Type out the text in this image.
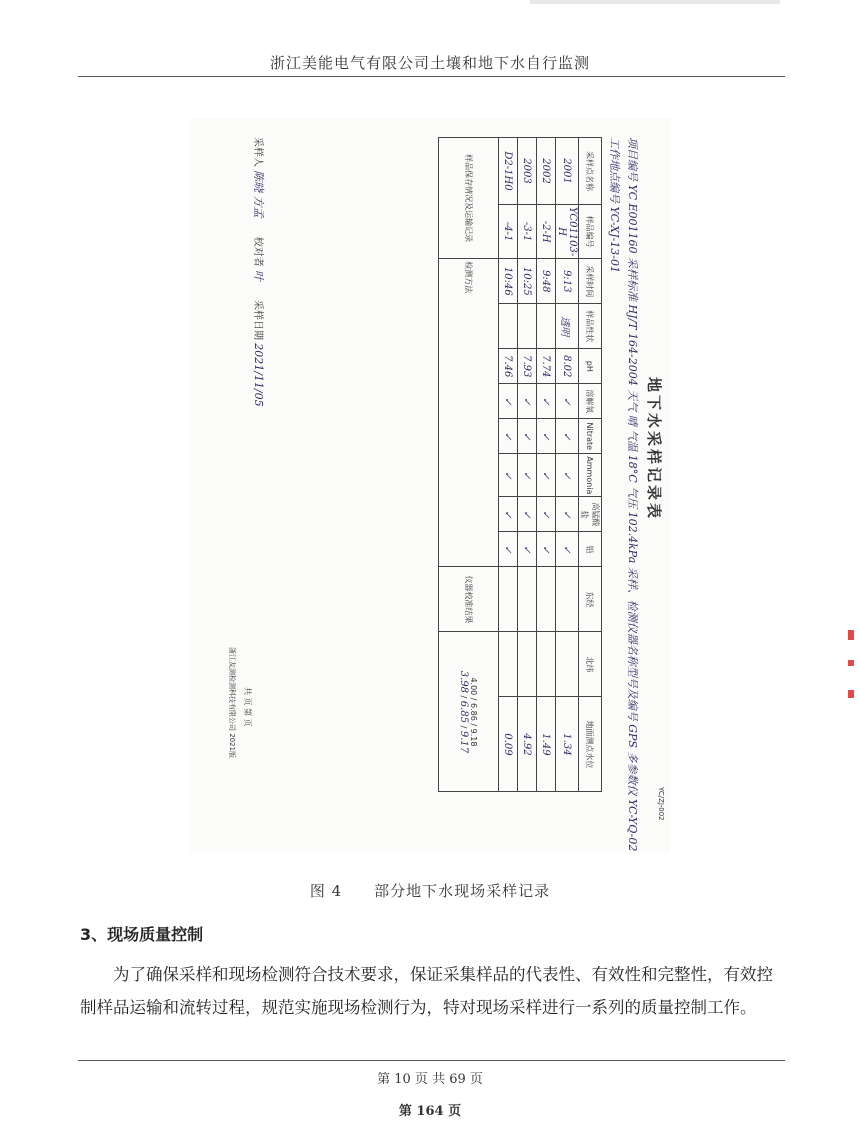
浙江美能电气有限公司土壤和地下水自行监测
地下水采样记录表
YC/ZJ-002
项目编号 YC E001160 采样标准 HJ/T 164-2004 天气 晴 气温 18°C 气压 102.4kPa 采样、检测仪器名称型号及编号 GPS 多参数仪 YC-YQ-02
工作地点编号 YC-XJ-13-01
采样点名称	样品编号	采样时间	样品性状	pH	溶解氧	Nitrate	Ammonia	高锰酸盐	铅	东经	北纬	地面测点水位
2001	YC01103-H	9:13	透明	8.02	✓	✓	✓	✓	✓			1.34
2002	-2-H	9:48		7.74	✓	✓	✓	✓	✓			1.49
2003	-3-1	10:25		7.93	✓	✓	✓	✓	✓			4.92
D2-1H0	-4-1	10:46		7.46	✓	✓	✓	✓	✓			0.09
样品保存情况及运输记录		检测方法								仪器校准结果	4.00 / 6.86 / 9.18
3.98 / 6.85 / 9.17	
采样人 陈晓 方孟      校对者 叶      采样日期 2021/11/05
浙江友测检测科技有限公司 2021版 共 页 第 页
图 4　　部分地下水现场采样记录
3、现场质量控制
为了确保采样和现场检测符合技术要求，保证采集样品的代表性、有效性和完整性，有效控制样品运输和流转过程，规范实施现场检测行为，特对现场采样进行一系列的质量控制工作。
第 10 页 共 69 页
第 164 页
